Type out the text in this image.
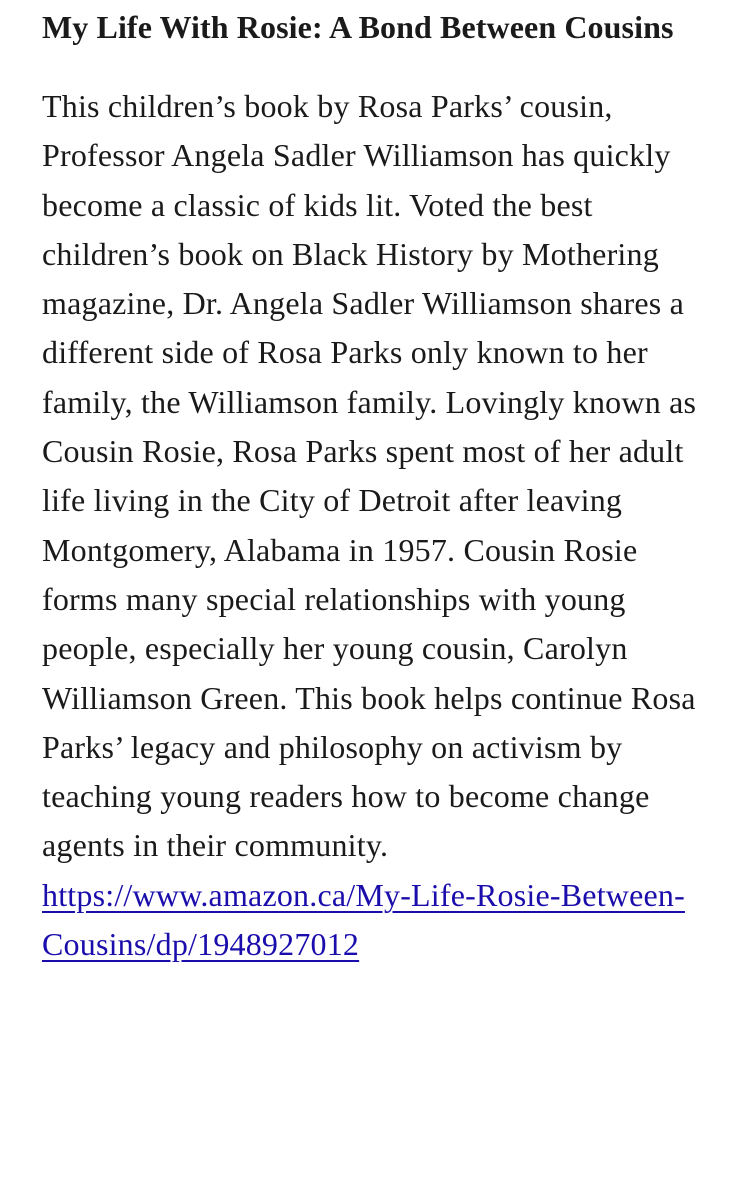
My Life With Rosie: A Bond Between Cousins

This children’s book by Rosa Parks’ cousin, Professor Angela Sadler Williamson has quickly become a classic of kids lit. Voted the best children’s book on Black History by Mothering magazine, Dr. Angela Sadler Williamson shares a different side of Rosa Parks only known to her family, the Williamson family. Lovingly known as Cousin Rosie, Rosa Parks spent most of her adult life living in the City of Detroit after leaving Montgomery, Alabama in 1957. Cousin Rosie forms many special relationships with young people, especially her young cousin, Carolyn Williamson Green. This book helps continue Rosa Parks’ legacy and philosophy on activism by teaching young readers how to become change agents in their community.

https://www.amazon.ca/My-Life-Rosie-Between-Cousins/dp/1948927012
